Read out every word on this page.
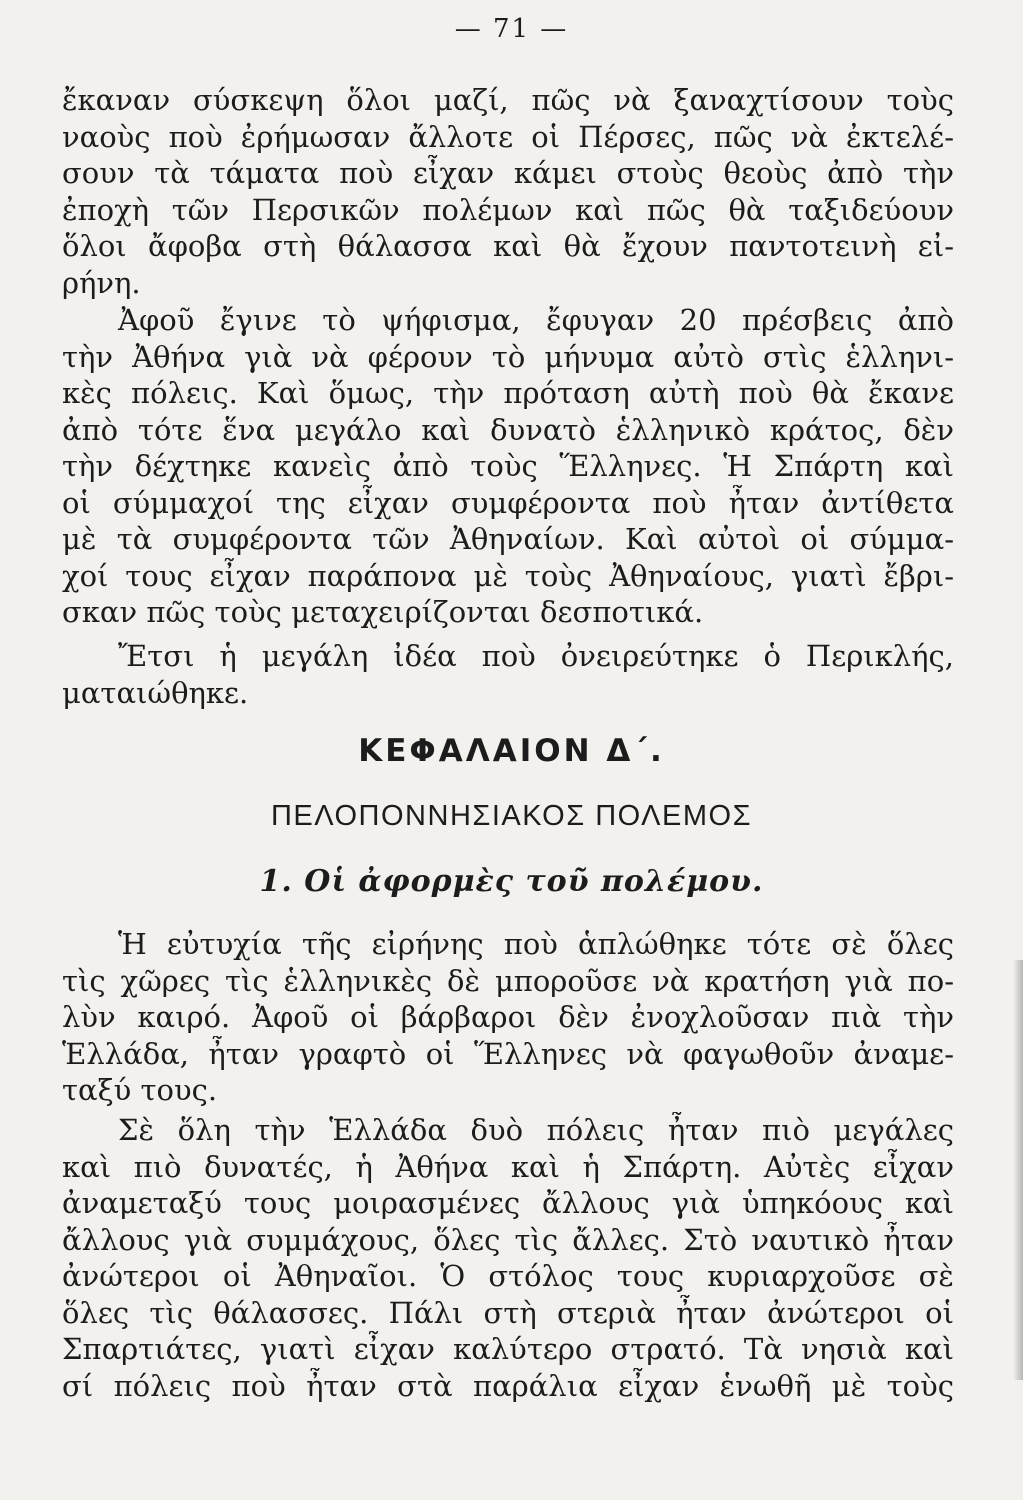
— 71 —
ἔκαναν σύσκεψη ὅλοι μαζί, πῶς νὰ ξαναχτίσουν τοὺς
ναοὺς ποὺ ἐρήμωσαν ἄλλοτε οἱ Πέρσες, πῶς νὰ ἐκτελέ-
σουν τὰ τάματα ποὺ εἶχαν κάμει στοὺς θεοὺς ἀπὸ τὴν
ἐποχὴ τῶν Περσικῶν πολέμων καὶ πῶς θὰ ταξιδεύουν
ὅλοι ἄφοβα στὴ θάλασσα καὶ θὰ ἔχουν παντοτεινὴ εἰ-
ρήνη.
Ἀφοῦ ἔγινε τὸ ψήφισμα, ἔφυγαν 20 πρέσβεις ἀπὸ
τὴν Ἀθήνα γιὰ νὰ φέρουν τὸ μήνυμα αὐτὸ στὶς ἑλληνι-
κὲς πόλεις. Καὶ ὅμως, τὴν πρόταση αὐτὴ ποὺ θὰ ἔκανε
ἀπὸ τότε ἕνα μεγάλο καὶ δυνατὸ ἑλληνικὸ κράτος, δὲν
τὴν δέχτηκε κανεὶς ἀπὸ τοὺς Ἕλληνες. Ἡ Σπάρτη καὶ
οἱ σύμμαχοί της εἶχαν συμφέροντα ποὺ ἦταν ἀντίθετα
μὲ τὰ συμφέροντα τῶν Ἀθηναίων. Καὶ αὐτοὶ οἱ σύμμα-
χοί τους εἶχαν παράπονα μὲ τοὺς Ἀθηναίους, γιατὶ ἔβρι-
σκαν πῶς τοὺς μεταχειρίζονται δεσποτικά.
Ἔτσι ἡ μεγάλη ἰδέα ποὺ ὀνειρεύτηκε ὁ Περικλής,
ματαιώθηκε.
ΚΕΦΑΛΑΙΟΝ Δ΄.
ΠΕΛΟΠΟΝΝΗΣΙΑΚΟΣ ΠΟΛΕΜΟΣ
1. Οἱ ἀφορμὲς τοῦ πολέμου.
Ἡ εὐτυχία τῆς εἰρήνης ποὺ ἁπλώθηκε τότε σὲ ὅλες
τὶς χῶρες τὶς ἑλληνικὲς δὲ μποροῦσε νὰ κρατήση γιὰ πο-
λὺν καιρό. Ἀφοῦ οἱ βάρβαροι δὲν ἐνοχλοῦσαν πιὰ τὴν
Ἑλλάδα, ἦταν γραφτὸ οἱ Ἕλληνες νὰ φαγωθοῦν ἀναμε-
ταξύ τους.
Σὲ ὅλη τὴν Ἑλλάδα δυὸ πόλεις ἦταν πιὸ μεγάλες
καὶ πιὸ δυνατές, ἡ Ἀθήνα καὶ ἡ Σπάρτη. Αὐτὲς εἶχαν
ἀναμεταξύ τους μοιρασμένες ἄλλους γιὰ ὑπηκόους καὶ
ἄλλους γιὰ συμμάχους, ὅλες τὶς ἄλλες. Στὸ ναυτικὸ ἦταν
ἀνώτεροι οἱ Ἀθηναῖοι. Ὁ στόλος τους κυριαρχοῦσε σὲ
ὅλες τὶς θάλασσες. Πάλι στὴ στεριὰ ἦταν ἀνώτεροι οἱ
Σπαρτιάτες, γιατὶ εἶχαν καλύτερο στρατό. Τὰ νησιὰ καὶ
σί πόλεις ποὺ ἦταν στὰ παράλια εἶχαν ἑνωθῆ μὲ τοὺς
